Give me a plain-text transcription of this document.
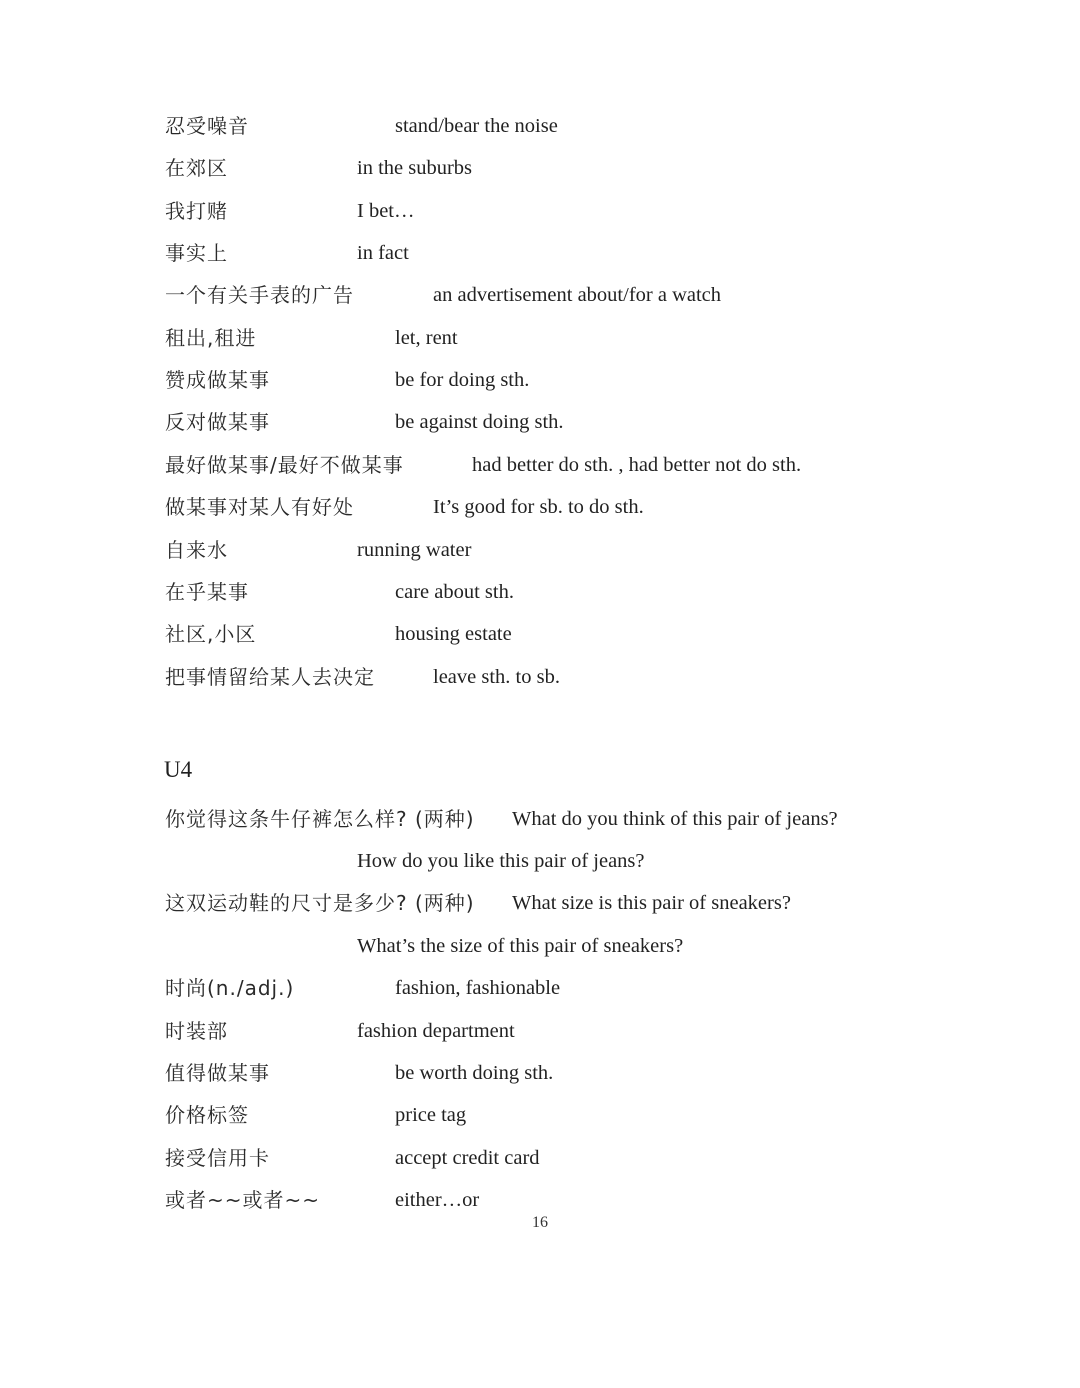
忍受噪音	stand/bear the noise
在郊区	in the suburbs
我打赌	I bet…
事实上	in fact
一个有关手表的广告	an advertisement about/for a watch
租出,租进	let, rent
赞成做某事	be for doing sth.
反对做某事	be against doing sth.
最好做某事/最好不做某事	had better do sth. , had better not do sth.
做某事对某人有好处	It’s good for sb. to do sth.
自来水	running water
在乎某事	care about sth.
社区,小区	housing estate
把事情留给某人去决定	leave sth. to sb.
U4
你觉得这条牛仔裤怎么样? (两种) What do you think of this pair of jeans?
How do you like this pair of jeans?
这双运动鞋的尺寸是多少? (两种) What size is this pair of sneakers?
What’s the size of this pair of sneakers?
时尚(n./adj.)	fashion, fashionable
时装部	fashion department
值得做某事	be worth doing sth.
价格标签	price tag
接受信用卡	accept credit card
或者~~或者~~	either…or
16
